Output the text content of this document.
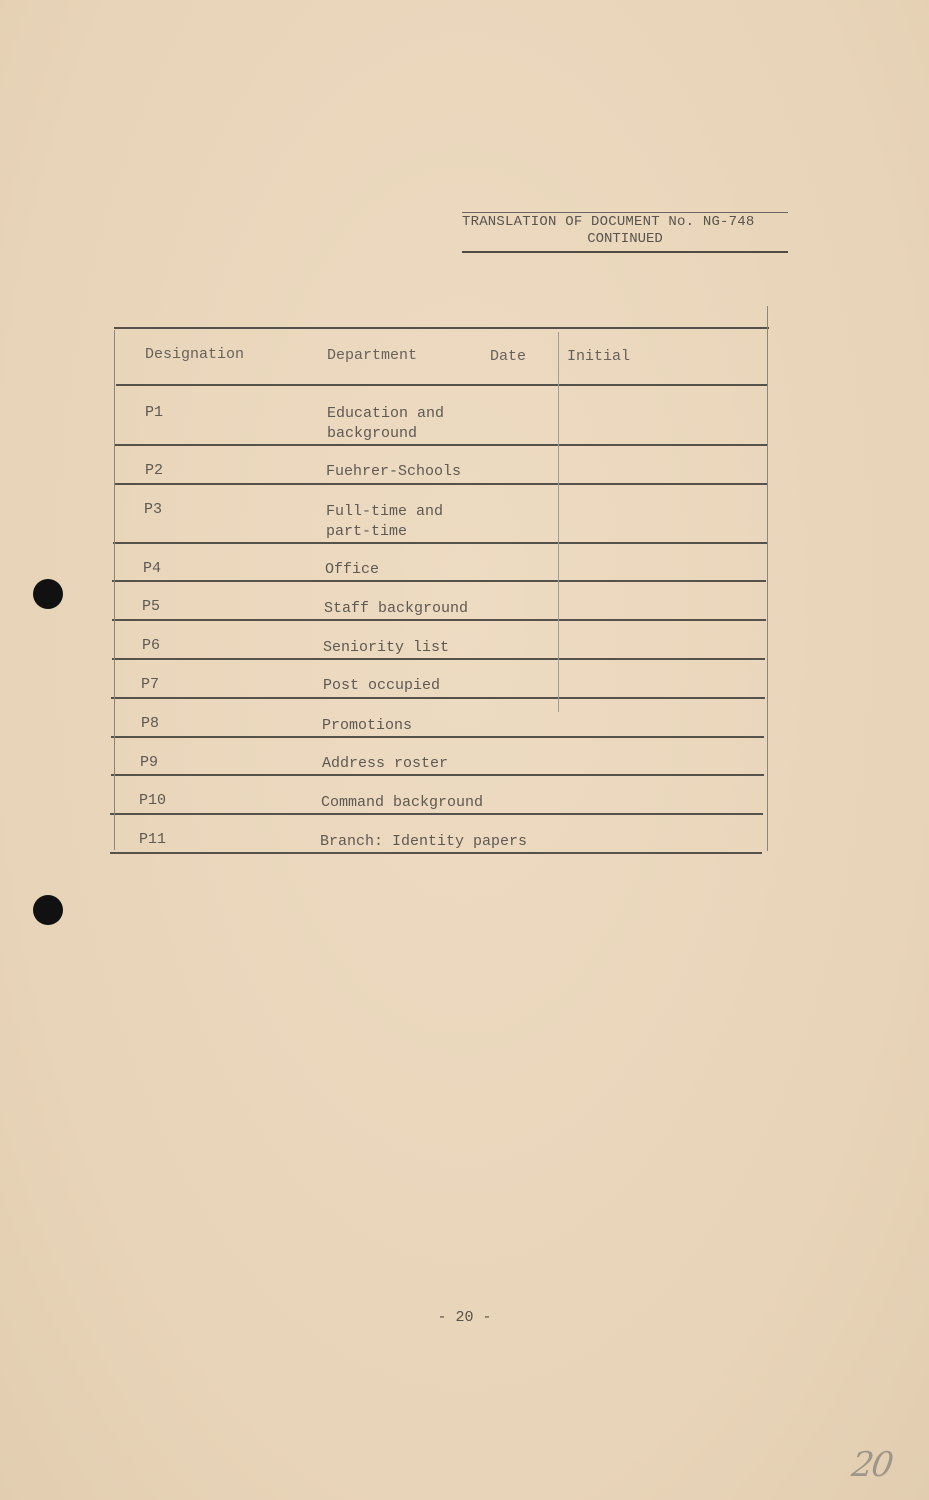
TRANSLATION OF DOCUMENT No. NG-748
CONTINUED
Designation	Department	Date	Initial
P1	Education and
background
P2	Fuehrer-Schools
P3	Full-time and
part-time
P4	Office
P5	Staff background
P6	Seniority list
P7	Post occupied
P8	Promotions
P9	Address roster
P10	Command background
P11	Branch: Identity papers
- 20 -
20
